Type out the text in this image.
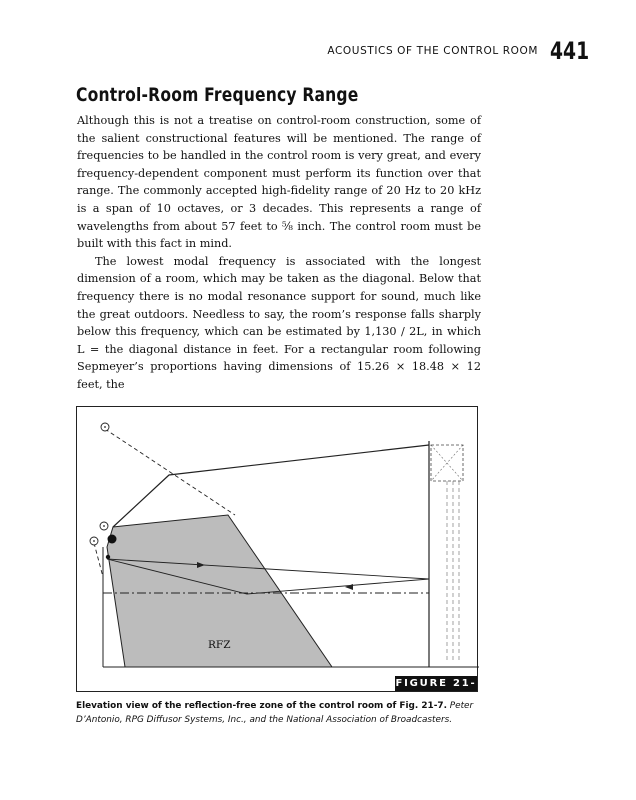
ACOUSTICS OF THE CONTROL ROOM 441
Control-Room Frequency Range

Although this is not a treatise on control-room construction, some of the salient constructional features will be mentioned. The range of frequencies to be handled in the control room is very great, and every frequency-dependent component must perform its function over that range. The commonly accepted high-fidelity range of 20 Hz to 20 kHz is a span of 10 octaves, or 3 decades. This represents a range of wavelengths from about 57 feet to ⅝ inch. The control room must be built with this fact in mind.

The lowest modal frequency is associated with the longest dimension of a room, which may be taken as the diagonal. Below that frequency there is no modal resonance support for sound, much like the great outdoors. Needless to say, the room’s response falls sharply below this frequency, which can be estimated by 1,130 / 2L, in which L = the diagonal distance in feet. For a rectangular room following Sepmeyer’s proportions having dimensions of 15.26 × 18.48 × 12 feet, the

RFZ
FIGURE 21-8
Elevation view of the reflection-free zone of the control room of Fig. 21-7. Peter D’Antonio, RPG Diffusor Systems, Inc., and the National Association of Broadcasters.
